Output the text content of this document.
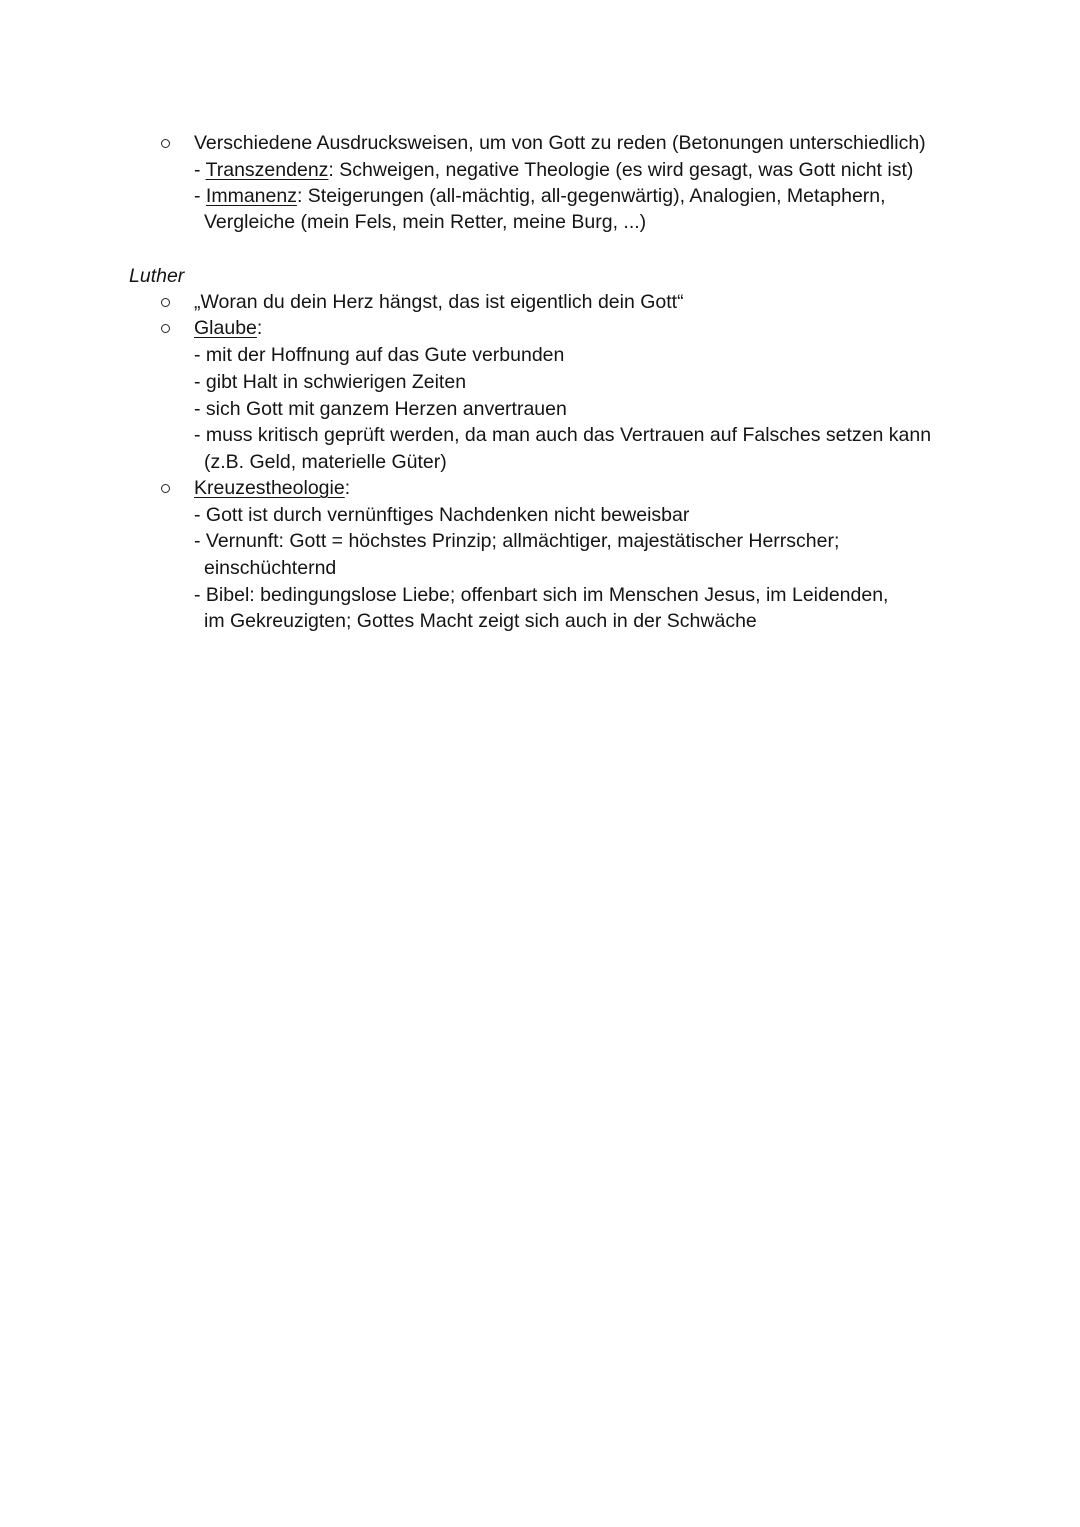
Verschiedene Ausdrucksweisen, um von Gott zu reden (Betonungen unterschiedlich)
- Transzendenz: Schweigen, negative Theologie (es wird gesagt, was Gott nicht ist)
- Immanenz: Steigerungen (all-mächtig, all-gegenwärtig), Analogien, Metaphern,
Vergleiche (mein Fels, mein Retter, meine Burg, ...)
Luther
„Woran du dein Herz hängst, das ist eigentlich dein Gott“
Glaube:
- mit der Hoffnung auf das Gute verbunden
- gibt Halt in schwierigen Zeiten
- sich Gott mit ganzem Herzen anvertrauen
- muss kritisch geprüft werden, da man auch das Vertrauen auf Falsches setzen kann
(z.B. Geld, materielle Güter)
Kreuzestheologie:
- Gott ist durch vernünftiges Nachdenken nicht beweisbar
- Vernunft: Gott = höchstes Prinzip; allmächtiger, majestätischer Herrscher;
einschüchternd
- Bibel: bedingungslose Liebe; offenbart sich im Menschen Jesus, im Leidenden,
im Gekreuzigten; Gottes Macht zeigt sich auch in der Schwäche
